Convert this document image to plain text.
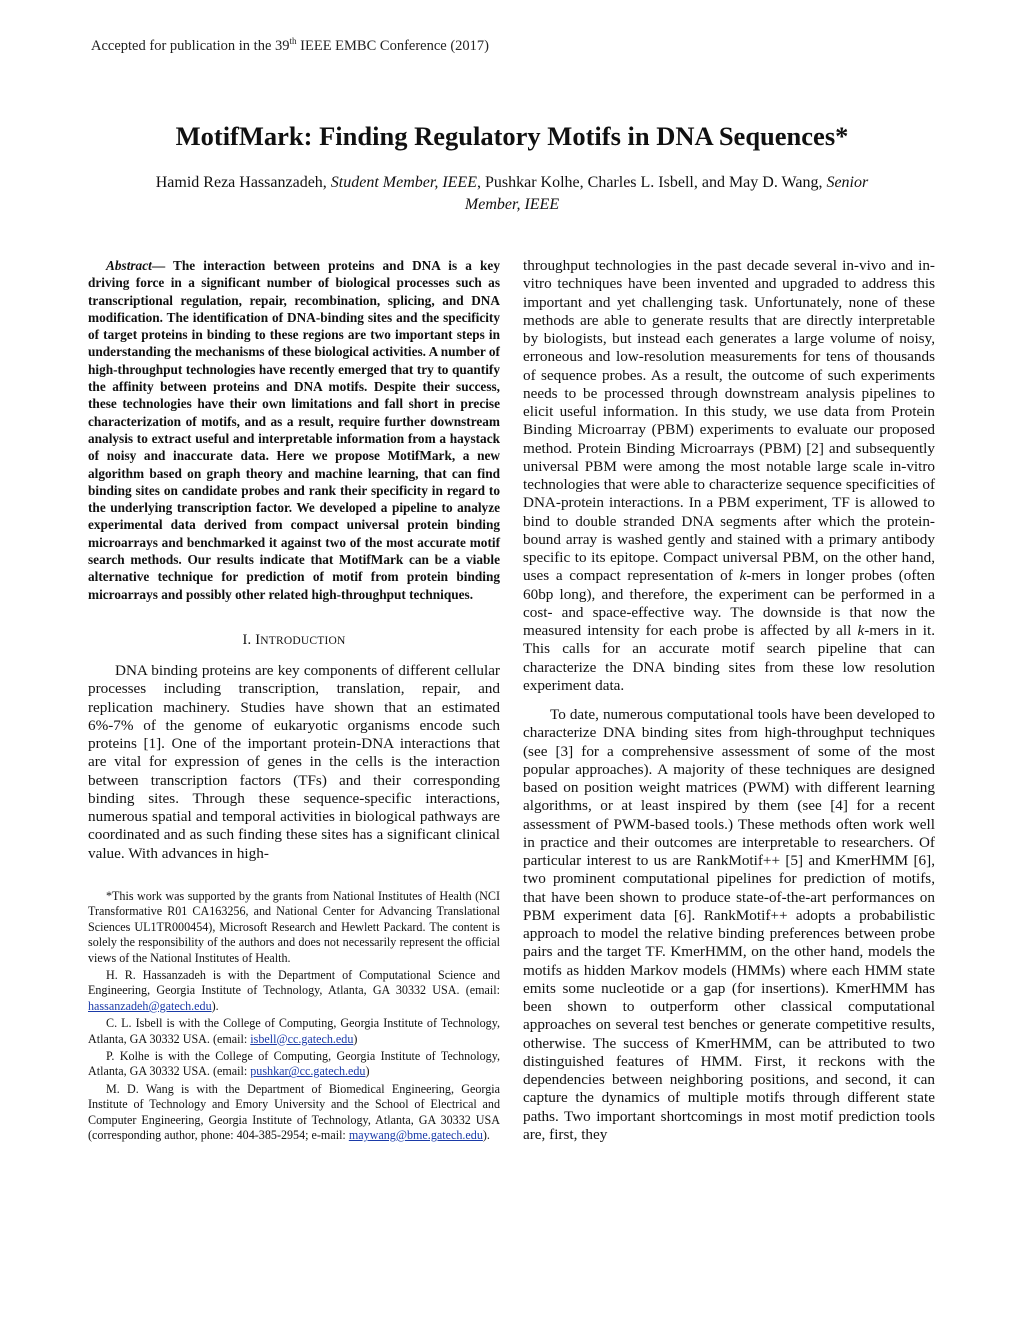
Accepted for publication in the 39th IEEE EMBC Conference (2017)
MotifMark: Finding Regulatory Motifs in DNA Sequences*
Hamid Reza Hassanzadeh, Student Member, IEEE, Pushkar Kolhe, Charles L. Isbell, and May D. Wang, Senior Member, IEEE

Abstract— The interaction between proteins and DNA is a key driving force in a significant number of biological processes such as transcriptional regulation, repair, recombination, splicing, and DNA modification. The identification of DNA-binding sites and the specificity of target proteins in binding to these regions are two important steps in understanding the mechanisms of these biological activities. A number of high-throughput technologies have recently emerged that try to quantify the affinity between proteins and DNA motifs. Despite their success, these technologies have their own limitations and fall short in precise characterization of motifs, and as a result, require further downstream analysis to extract useful and interpretable information from a haystack of noisy and inaccurate data. Here we propose MotifMark, a new algorithm based on graph theory and machine learning, that can find binding sites on candidate probes and rank their specificity in regard to the underlying transcription factor. We developed a pipeline to analyze experimental data derived from compact universal protein binding microarrays and benchmarked it against two of the most accurate motif search methods. Our results indicate that MotifMark can be a viable alternative technique for prediction of motif from protein binding microarrays and possibly other related high-throughput techniques.

I. INTRODUCTION

DNA binding proteins are key components of different cellular processes including transcription, translation, repair, and replication machinery. Studies have shown that an estimated 6%-7% of the genome of eukaryotic organisms encode such proteins [1]. One of the important protein-DNA interactions that are vital for expression of genes in the cells is the interaction between transcription factors (TFs) and their corresponding binding sites. Through these sequence-specific interactions, numerous spatial and temporal activities in biological pathways are coordinated and as such finding these sites has a significant clinical value. With advances in high-

*This work was supported by the grants from National Institutes of Health (NCI Transformative R01 CA163256, and National Center for Advancing Translational Sciences UL1TR000454), Microsoft Research and Hewlett Packard. The content is solely the responsibility of the authors and does not necessarily represent the official views of the National Institutes of Health.

H. R. Hassanzadeh is with the Department of Computational Science and Engineering, Georgia Institute of Technology, Atlanta, GA 30332 USA. (email: hassanzadeh@gatech.edu).

C. L. Isbell is with the College of Computing, Georgia Institute of Technology, Atlanta, GA 30332 USA. (email: isbell@cc.gatech.edu)

P. Kolhe is with the College of Computing, Georgia Institute of Technology, Atlanta, GA 30332 USA. (email: pushkar@cc.gatech.edu)

M. D. Wang is with the Department of Biomedical Engineering, Georgia Institute of Technology and Emory University and the School of Electrical and Computer Engineering, Georgia Institute of Technology, Atlanta, GA 30332 USA (corresponding author, phone: 404-385-2954; e-mail: maywang@bme.gatech.edu).

throughput technologies in the past decade several in-vivo and in-vitro techniques have been invented and upgraded to address this important and yet challenging task. Unfortunately, none of these methods are able to generate results that are directly interpretable by biologists, but instead each generates a large volume of noisy, erroneous and low-resolution measurements for tens of thousands of sequence probes. As a result, the outcome of such experiments needs to be processed through downstream analysis pipelines to elicit useful information. In this study, we use data from Protein Binding Microarray (PBM) experiments to evaluate our proposed method. Protein Binding Microarrays (PBM) [2] and subsequently universal PBM were among the most notable large scale in-vitro technologies that were able to characterize sequence specificities of DNA-protein interactions. In a PBM experiment, TF is allowed to bind to double stranded DNA segments after which the protein-bound array is washed gently and stained with a primary antibody specific to its epitope. Compact universal PBM, on the other hand, uses a compact representation of k-mers in longer probes (often 60bp long), and therefore, the experiment can be performed in a cost- and space-effective way. The downside is that now the measured intensity for each probe is affected by all k-mers in it. This calls for an accurate motif search pipeline that can characterize the DNA binding sites from these low resolution experiment data.

To date, numerous computational tools have been developed to characterize DNA binding sites from high-throughput techniques (see [3] for a comprehensive assessment of some of the most popular approaches). A majority of these techniques are designed based on position weight matrices (PWM) with different learning algorithms, or at least inspired by them (see [4] for a recent assessment of PWM-based tools.) These methods often work well in practice and their outcomes are interpretable to researchers. Of particular interest to us are RankMotif++ [5] and KmerHMM [6], two prominent computational pipelines for prediction of motifs, that have been shown to produce state-of-the-art performances on PBM experiment data [6]. RankMotif++ adopts a probabilistic approach to model the relative binding preferences between probe pairs and the target TF. KmerHMM, on the other hand, models the motifs as hidden Markov models (HMMs) where each HMM state emits some nucleotide or a gap (for insertions). KmerHMM has been shown to outperform other classical computational approaches on several test benches or generate competitive results, otherwise. The success of KmerHMM, can be attributed to two distinguished features of HMM. First, it reckons with the dependencies between neighboring positions, and second, it can capture the dynamics of multiple motifs through different state paths. Two important shortcomings in most motif prediction tools are, first, they
